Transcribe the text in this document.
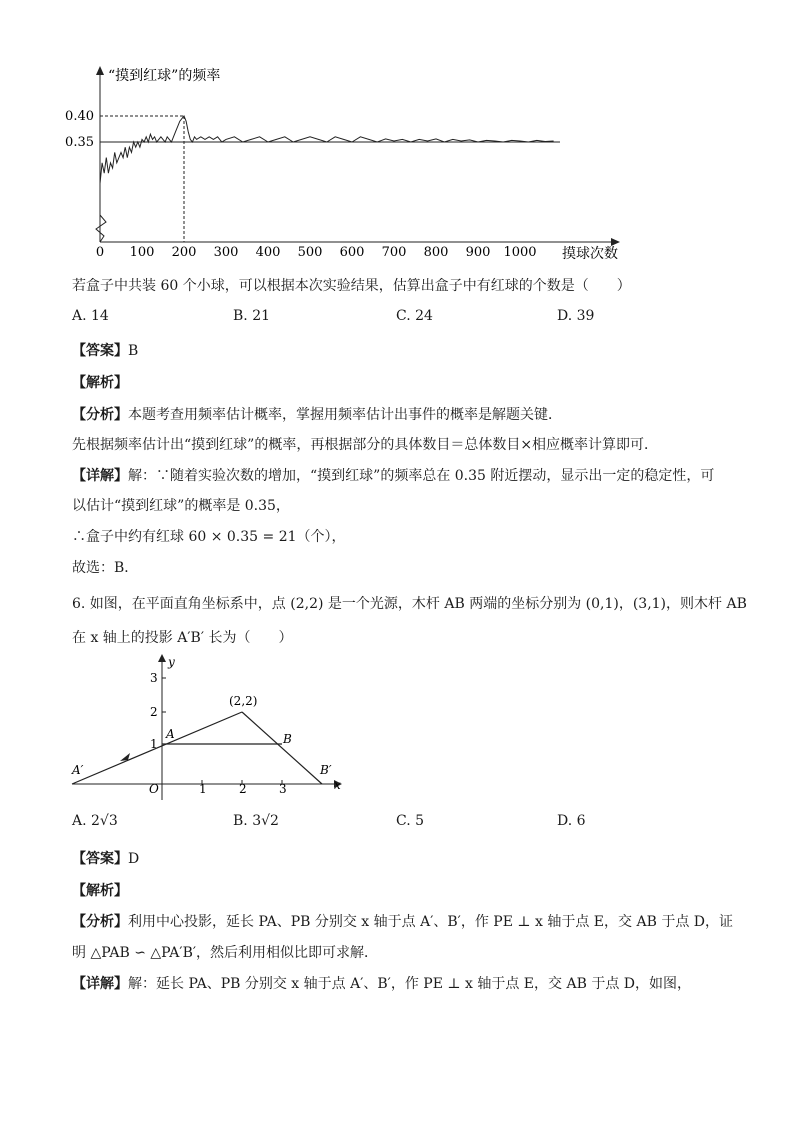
0 100 200 300 400 500 600 700 800 900 1000
0.35
0.40
“摸到红球”的频率
摸球次数
若盒子中共装 60 个小球，可以根据本次实验结果，估算出盒子中有红球的个数是（　　）
A. 14	B. 21	C. 24	D. 39
【答案】B
【解析】
【分析】本题考查用频率估计概率，掌握用频率估计出事件的概率是解题关键．
先根据频率估计出“摸到红球”的概率，再根据部分的具体数目＝总体数目×相应概率计算即可．
【详解】解：∵随着实验次数的增加，“摸到红球”的频率总在 0.35 附近摆动，显示出一定的稳定性，可
以估计“摸到红球”的概率是 0.35，
∴盒子中约有红球 60 × 0.35 = 21（个），
故选：B．
6. 如图，在平面直角坐标系中，点 (2,2) 是一个光源，木杆 AB 两端的坐标分别为 (0,1)，(3,1)，则木杆 AB
在 x 轴上的投影 A′B′ 长为（　　）
1	2	3
1
2
3
O	x
y
(2,2)
A	B
A′	B′
A. 2√3	B. 3√2	C. 5	D. 6
【答案】D
【解析】
【分析】利用中心投影，延长 PA、PB 分别交 x 轴于点 A′、B′，作 PE ⊥ x 轴于点 E，交 AB 于点 D，证
明 △PAB ∽ △PA′B′，然后利用相似比即可求解．
【详解】解：延长 PA、PB 分别交 x 轴于点 A′、B′，作 PE ⊥ x 轴于点 E，交 AB 于点 D，如图，
